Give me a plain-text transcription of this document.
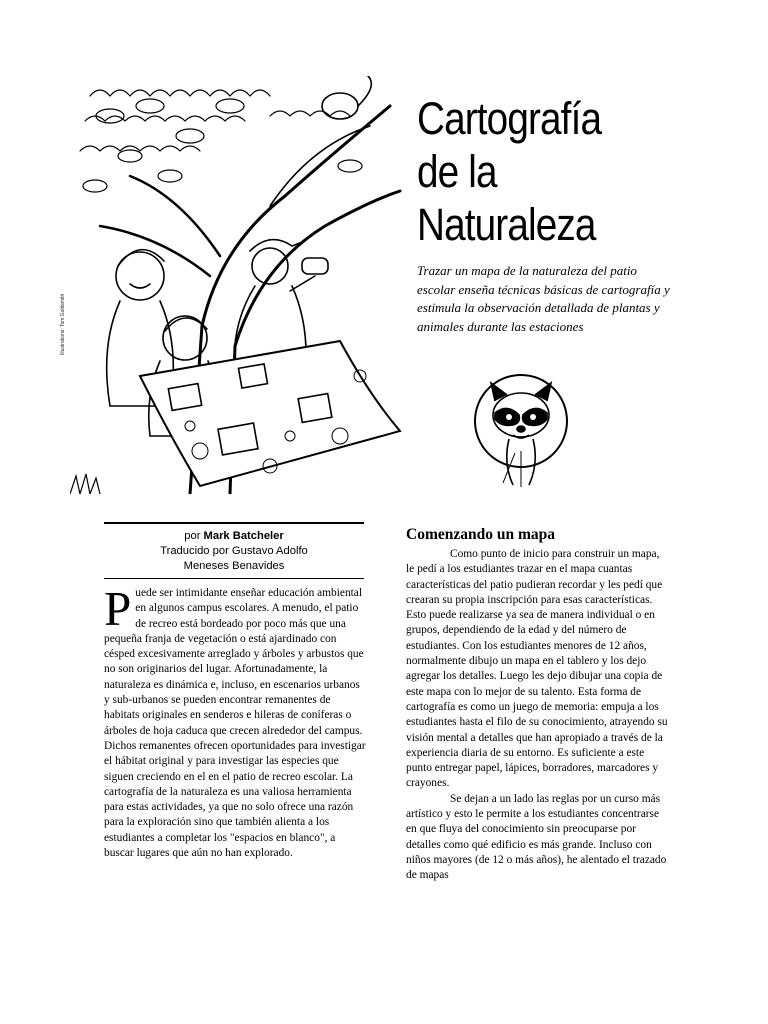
Illustrations: Tom Goldsmith
Cartografía
de la
Naturaleza

Trazar un mapa de la naturaleza del patio escolar enseña técnicas básicas de cartografía y estimula la observación detallada de plantas y animales durante las estaciones

por Mark Batcheler
Traducido por Gustavo Adolfo
Meneses Benavides

Puede ser intimidante enseñar educación ambiental en algunos campus escolares. A menudo, el patio de recreo está bordeado por poco más que una pequeña franja de vegetación o está ajardinado con césped excesivamente arreglado y árboles y arbustos que no son originarios del lugar. Afortunadamente, la naturaleza es dinámica e, incluso, en escenarios urbanos y sub-urbanos se pueden encontrar remanentes de habitats originales en senderos e hileras de coníferas o árboles de hoja caduca que crecen alrededor del campus. Dichos remanentes ofrecen oportunidades para investigar el hábitat original y para investigar las especies que siguen creciendo en el en el patio de recreo escolar. La cartografía de la naturaleza es una valiosa herramienta para estas actividades, ya que no solo ofrece una razón para la exploración sino que también alienta a los estudiantes a completar los "espacios en blanco", a buscar lugares que aún no han explorado.

Comenzando un mapa

Como punto de inicio para construir un mapa, le pedí a los estudiantes trazar en el mapa cuantas características del patio pudieran recordar y les pedí que crearan su propia inscripción para esas características. Esto puede realizarse ya sea de manera individual o en grupos, dependiendo de la edad y del número de estudiantes. Con los estudiantes menores de 12 años, normalmente dibujo un mapa en el tablero y los dejo agregar los detalles. Luego les dejo dibujar una copia de este mapa con lo mejor de su talento. Esta forma de cartografía es como un juego de memoria: empuja a los estudiantes hasta el filo de su conocimiento, atrayendo su visión mental a detalles que han apropiado a través de la experiencia diaria de su entorno. Es suficiente a este punto entregar papel, lápices, borradores, marcadores y crayones.

Se dejan a un lado las reglas por un curso más artístico y esto le permite a los estudiantes concentrarse en que fluya del conocimiento sin preocuparse por detalles como qué edificio es más grande. Incluso con niños mayores (de 12 o más años), he alentado el trazado de mapas
